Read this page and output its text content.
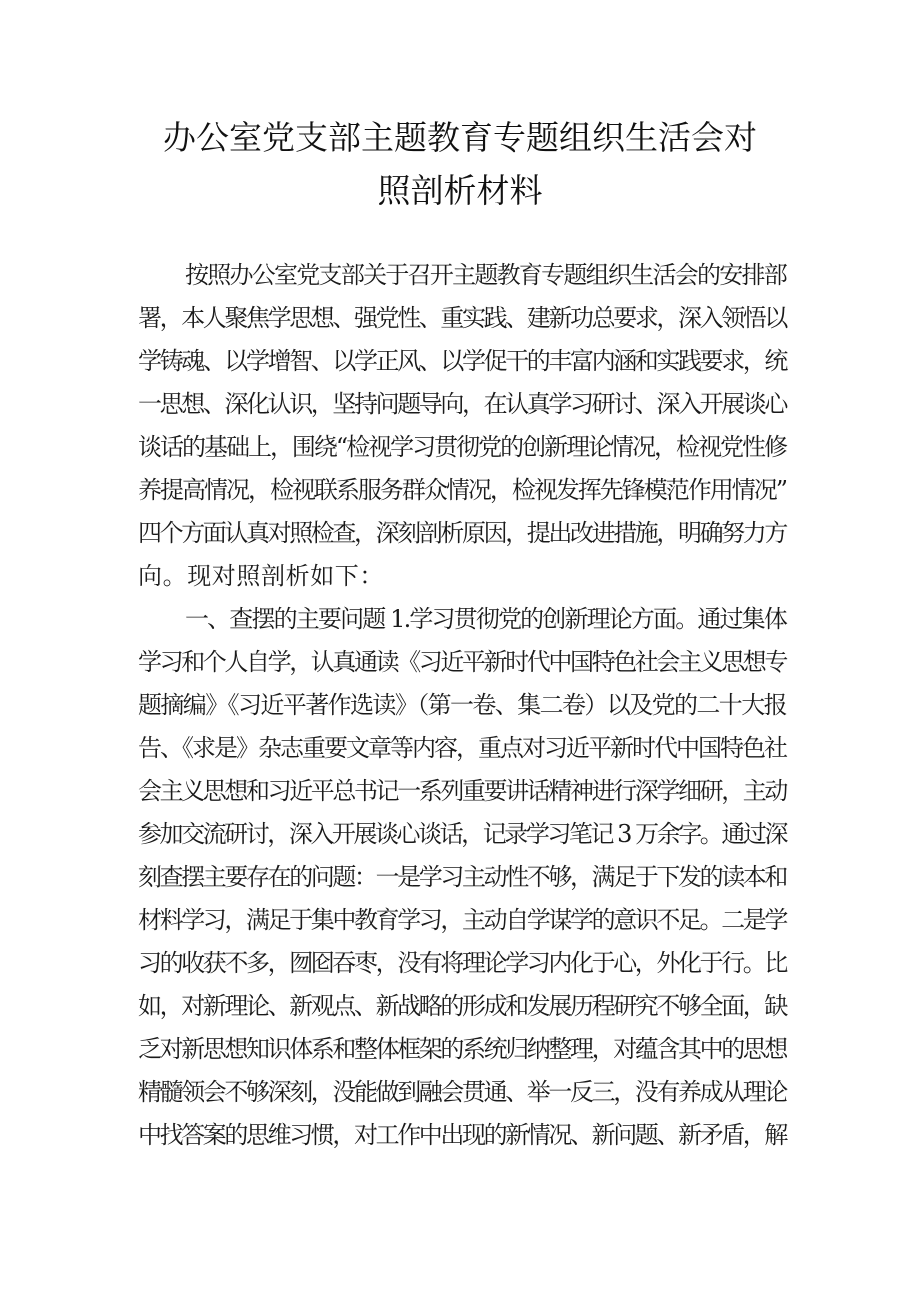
办公室党支部主题教育专题组织生活会对
照剖析材料
按照办公室党支部关于召开主题教育专题组织生活会的安排部
署，本人聚焦学思想、强党性、重实践、建新功总要求，深入领悟以
学铸魂、以学增智、以学正风、以学促干的丰富内涵和实践要求，统
一思想、深化认识，坚持问题导向，在认真学习研讨、深入开展谈心
谈话的基础上，围绕“检视学习贯彻党的创新理论情况，检视党性修
养提高情况，检视联系服务群众情况，检视发挥先锋模范作用情况”
四个方面认真对照检查，深刻剖析原因，提出改进措施，明确努力方
向。现对照剖析如下：
一、查摆的主要问题 1.学习贯彻党的创新理论方面。通过集体
学习和个人自学，认真通读《习近平新时代中国特色社会主义思想专
题摘编》《习近平著作选读》（第一卷、集二卷）以及党的二十大报
告、《求是》杂志重要文章等内容，重点对习近平新时代中国特色社
会主义思想和习近平总书记一系列重要讲话精神进行深学细研，主动
参加交流研讨，深入开展谈心谈话，记录学习笔记 3 万余字。通过深
刻查摆主要存在的问题：一是学习主动性不够，满足于下发的读本和
材料学习，满足于集中教育学习，主动自学谋学的意识不足。二是学
习的收获不多，囫囵吞枣，没有将理论学习内化于心，外化于行。比
如，对新理论、新观点、新战略的形成和发展历程研究不够全面，缺
乏对新思想知识体系和整体框架的系统归纳整理，对蕴含其中的思想
精髓领会不够深刻，没能做到融会贯通、举一反三，没有养成从理论
中找答案的思维习惯，对工作中出现的新情况、新问题、新矛盾，解
